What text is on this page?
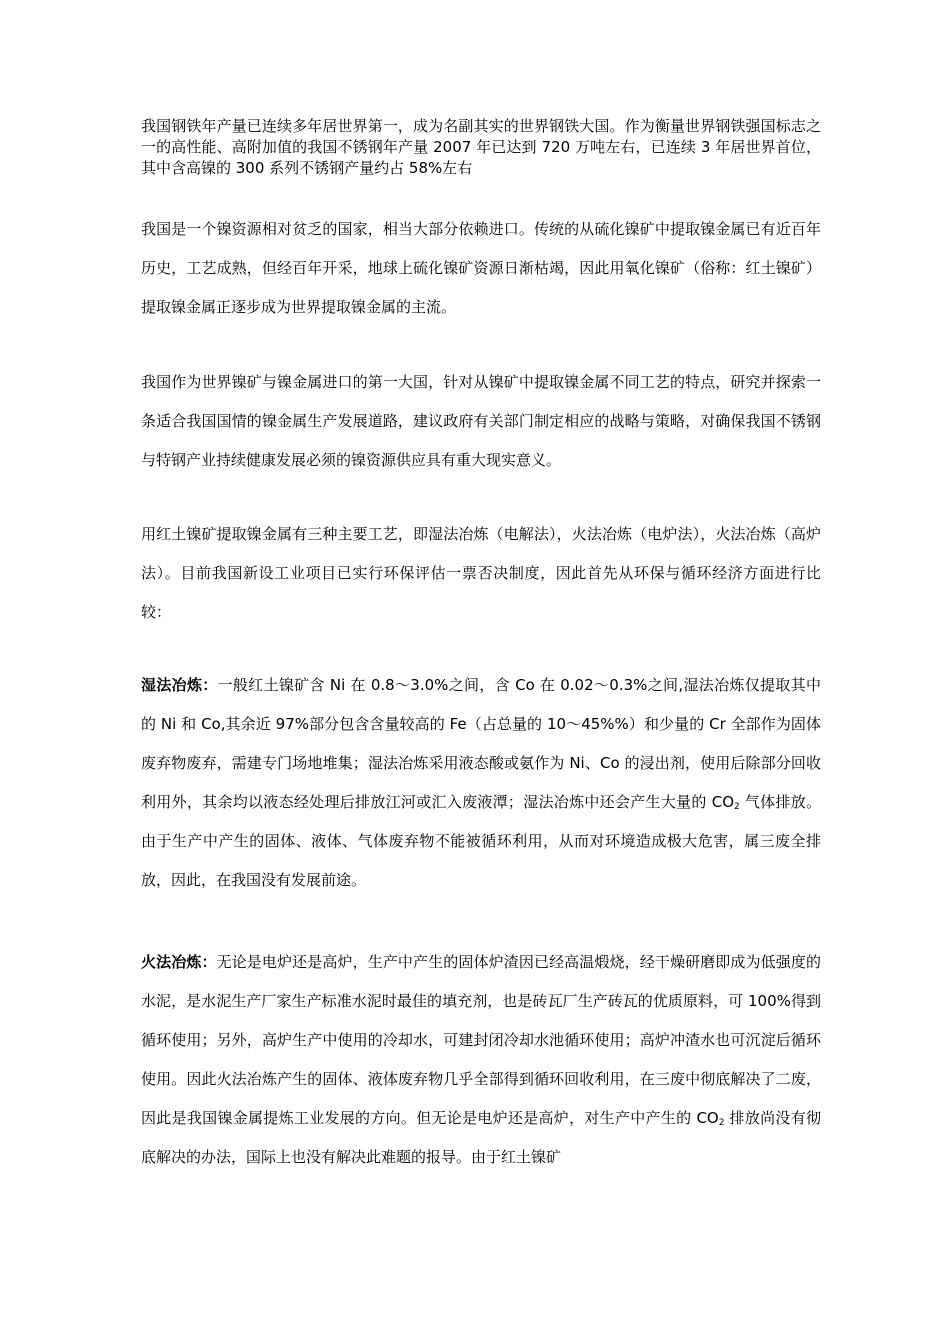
我国钢铁年产量已连续多年居世界第一，成为名副其实的世界钢铁大国。作为衡量世界钢铁强国标志之一的高性能、高附加值的我国不锈钢年产量 2007 年已达到 720 万吨左右，已连续 3 年居世界首位，其中含高镍的 300 系列不锈钢产量约占 58%左右

我国是一个镍资源相对贫乏的国家，相当大部分依赖进口。传统的从硫化镍矿中提取镍金属已有近百年历史，工艺成熟，但经百年开采，地球上硫化镍矿资源日渐枯竭，因此用氧化镍矿（俗称：红土镍矿）提取镍金属正逐步成为世界提取镍金属的主流。

我国作为世界镍矿与镍金属进口的第一大国，针对从镍矿中提取镍金属不同工艺的特点，研究并探索一条适合我国国情的镍金属生产发展道路，建议政府有关部门制定相应的战略与策略，对确保我国不锈钢与特钢产业持续健康发展必须的镍资源供应具有重大现实意义。

用红土镍矿提取镍金属有三种主要工艺，即湿法冶炼（电解法），火法冶炼（电炉法），火法冶炼（高炉法）。目前我国新设工业项目已实行环保评估一票否决制度，因此首先从环保与循环经济方面进行比较：

湿法冶炼：一般红土镍矿含 Ni 在 0.8～3.0%之间，含 Co 在 0.02～0.3%之间,湿法冶炼仅提取其中的 Ni 和 Co,其余近 97%部分包含含量较高的 Fe（占总量的 10～45%%）和少量的 Cr 全部作为固体废弃物废弃，需建专门场地堆集；湿法冶炼采用液态酸或氨作为 Ni、Co 的浸出剂，使用后除部分回收利用外，其余均以液态经处理后排放江河或汇入废液潭；湿法冶炼中还会产生大量的 $CO_2$ 气体排放。由于生产中产生的固体、液体、气体废弃物不能被循环利用，从而对环境造成极大危害，属三废全排放，因此，在我国没有发展前途。

火法冶炼：无论是电炉还是高炉，生产中产生的固体炉渣因已经高温煅烧，经干燥研磨即成为低强度的水泥，是水泥生产厂家生产标准水泥时最佳的填充剂，也是砖瓦厂生产砖瓦的优质原料，可 100%得到循环使用；另外，高炉生产中使用的冷却水，可建封闭冷却水池循环使用；高炉冲渣水也可沉淀后循环使用。因此火法冶炼产生的固体、液体废弃物几乎全部得到循环回收利用，在三废中彻底解决了二废，因此是我国镍金属提炼工业发展的方向。但无论是电炉还是高炉，对生产中产生的 $CO_2$ 排放尚没有彻底解决的办法，国际上也没有解决此难题的报导。由于红土镍矿
